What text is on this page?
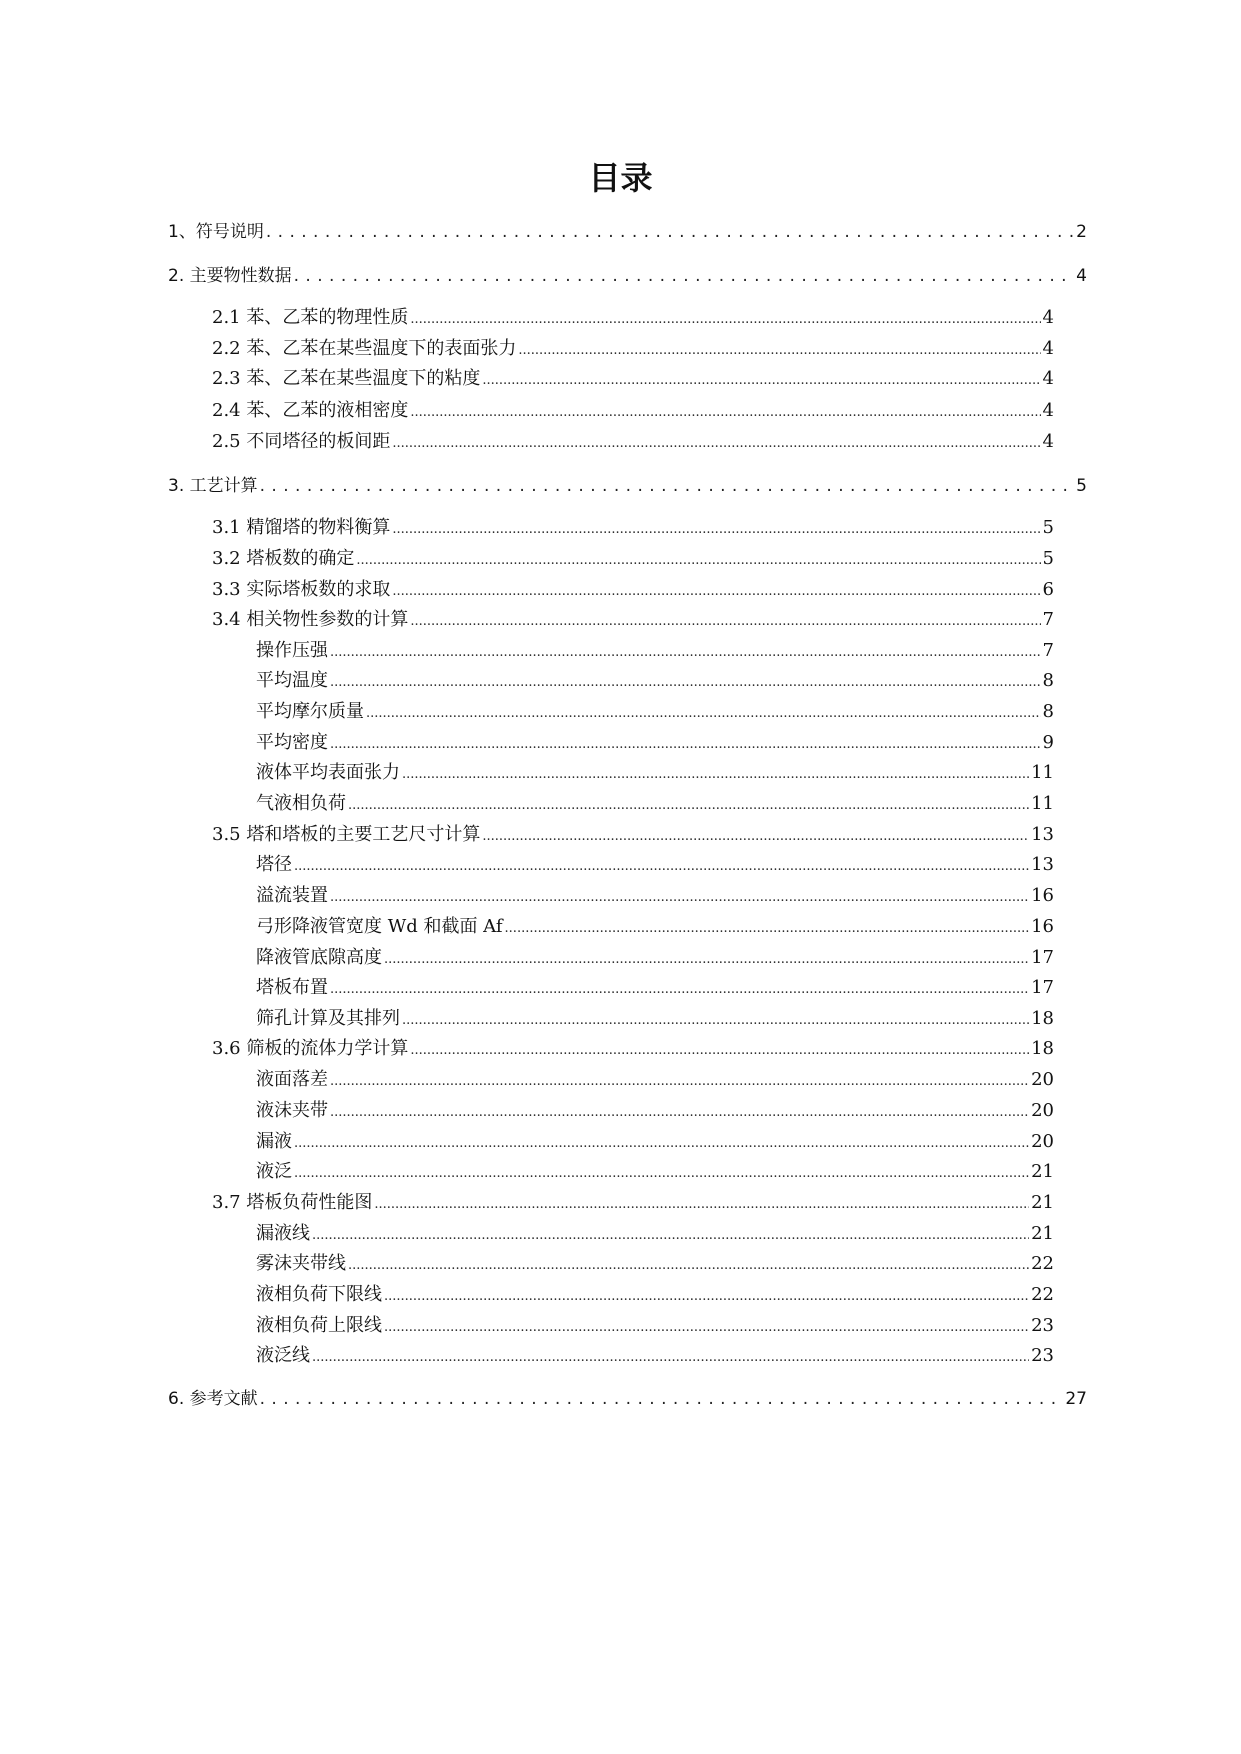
目录
1、符号说明 . . .	2
2. 主要物性数据 . . .	4
2.1 苯、乙苯的物理性质 .....	4
2.2 苯、乙苯在某些温度下的表面张力 .....	4
2.3 苯、乙苯在某些温度下的粘度 .....	4
2.4 苯、乙苯的液相密度 .....	4
2.5 不同塔径的板间距 .....	4
3. 工艺计算 . . .	5
3.1 精馏塔的物料衡算 .....	5
3.2 塔板数的确定 .....	5
3.3 实际塔板数的求取 .....	6
3.4 相关物性参数的计算 .....	7
操作压强 .....	7
平均温度 .....	8
平均摩尔质量 .....	8
平均密度 .....	9
液体平均表面张力 .....	11
气液相负荷 .....	11
3.5 塔和塔板的主要工艺尺寸计算 .....	13
塔径 .....	13
溢流装置 .....	16
弓形降液管宽度 Wd 和截面 Af .....	16
降液管底隙高度 .....	17
塔板布置 .....	17
筛孔计算及其排列 .....	18
3.6 筛板的流体力学计算 .....	18
液面落差 .....	20
液沫夹带 .....	20
漏液 .....	20
液泛 .....	21
3.7 塔板负荷性能图 .....	21
漏液线 .....	21
雾沫夹带线 .....	22
液相负荷下限线 .....	22
液相负荷上限线 .....	23
液泛线 .....	23
6. 参考文献 . . .	27
